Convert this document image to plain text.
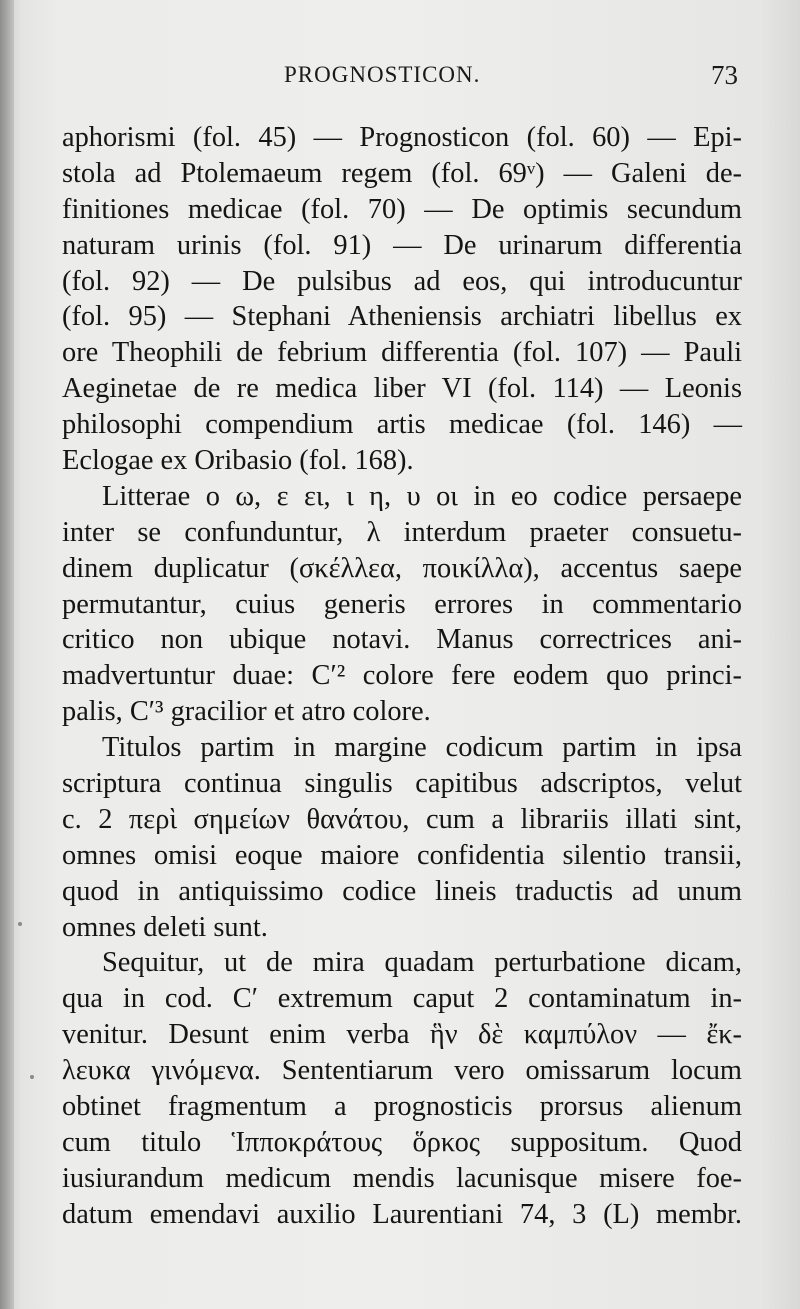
PROGNOSTICON.	73
aphorismi (fol. 45) — Prognosticon (fol. 60) — Epi-
stola ad Ptolemaeum regem (fol. 69ᵛ) — Galeni de-
finitiones medicae (fol. 70) — De optimis secundum
naturam urinis (fol. 91) — De urinarum differentia
(fol. 92) — De pulsibus ad eos, qui introducuntur
(fol. 95) — Stephani Atheniensis archiatri libellus ex
ore Theophili de febrium differentia (fol. 107) — Pauli
Aeginetae de re medica liber VI (fol. 114) — Leonis
philosophi compendium artis medicae (fol. 146) —
Eclogae ex Oribasio (fol. 168).
Litterae ο ω, ε ει, ι η, υ οι in eo codice persaepe
inter se confunduntur, λ interdum praeter consuetu-
dinem duplicatur (σκέλλεα, ποικίλλα), accentus saepe
permutantur, cuius generis errores in commentario
critico non ubique notavi. Manus correctrices ani-
madvertuntur duae: C′² colore fere eodem quo princi-
palis, C′³ gracilior et atro colore.
Titulos partim in margine codicum partim in ipsa
scriptura continua singulis capitibus adscriptos, velut
c. 2 περὶ σημείων θανάτου, cum a librariis illati sint,
omnes omisi eoque maiore confidentia silentio transii,
quod in antiquissimo codice lineis traductis ad unum
omnes deleti sunt.
Sequitur, ut de mira quadam perturbatione dicam,
qua in cod. C′ extremum caput 2 contaminatum in-
venitur. Desunt enim verba ἣν δὲ καμπύλον — ἔκ-
λευκα γινόμενα. Sententiarum vero omissarum locum
obtinet fragmentum a prognosticis prorsus alienum
cum titulo Ἱπποκράτους ὅρκος suppositum. Quod
iusiurandum medicum mendis lacunisque misere foe-
datum emendavi auxilio Laurentiani 74, 3 (L) membr.
